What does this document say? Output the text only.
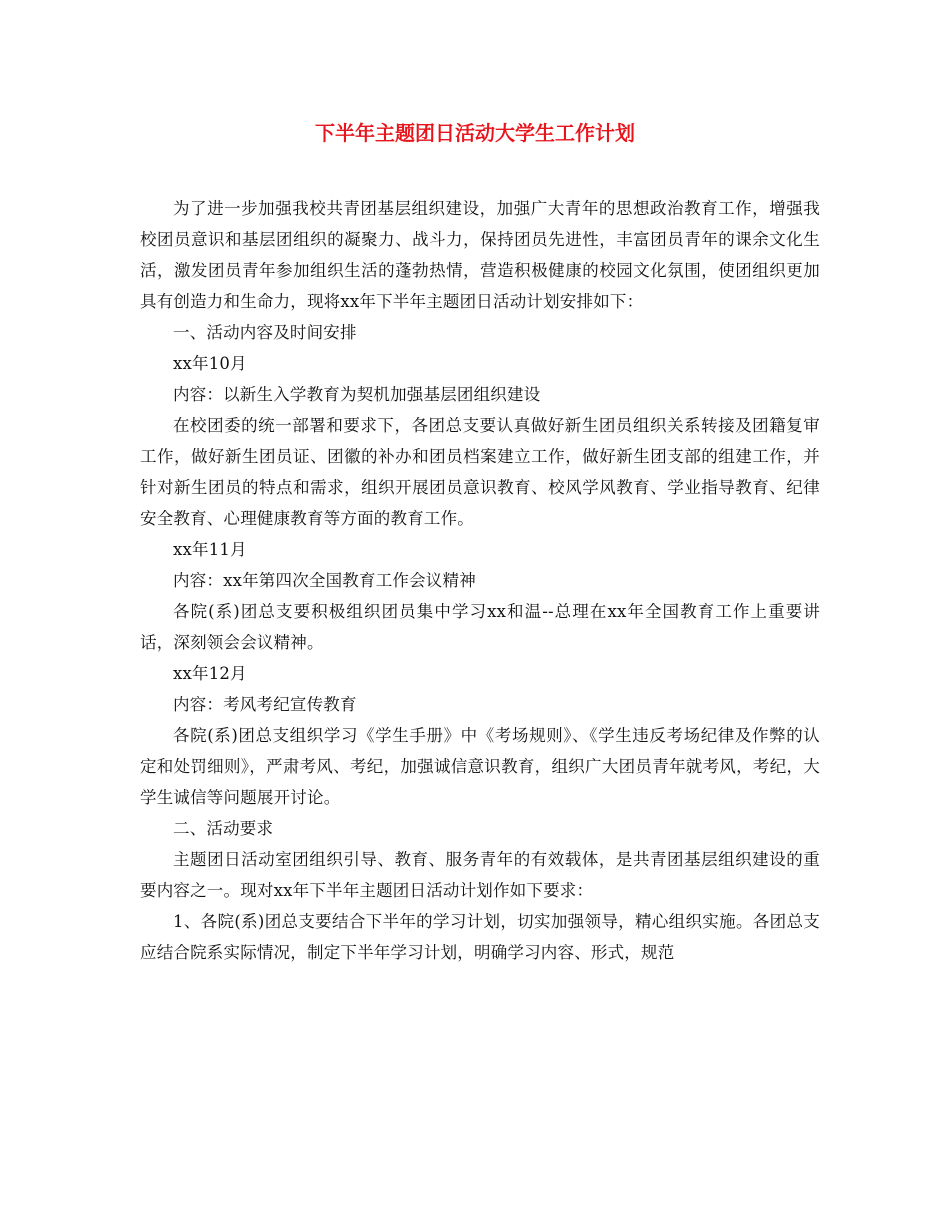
下半年主题团日活动大学生工作计划

为了进一步加强我校共青团基层组织建设，加强广大青年的思想政治教育工作，增强我校团员意识和基层团组织的凝聚力、战斗力，保持团员先进性，丰富团员青年的课余文化生活，激发团员青年参加组织生活的蓬勃热情，营造积极健康的校园文化氛围，使团组织更加具有创造力和生命力，现将xx年下半年主题团日活动计划安排如下：

一、活动内容及时间安排

xx年10月

内容：以新生入学教育为契机加强基层团组织建设

在校团委的统一部署和要求下，各团总支要认真做好新生团员组织关系转接及团籍复审工作，做好新生团员证、团徽的补办和团员档案建立工作，做好新生团支部的组建工作，并针对新生团员的特点和需求，组织开展团员意识教育、校风学风教育、学业指导教育、纪律安全教育、心理健康教育等方面的教育工作。

xx年11月

内容：xx年第四次全国教育工作会议精神

各院(系)团总支要积极组织团员集中学习xx和温--总理在xx年全国教育工作上重要讲话，深刻领会会议精神。

xx年12月

内容：考风考纪宣传教育

各院(系)团总支组织学习《学生手册》中《考场规则》、《学生违反考场纪律及作弊的认定和处罚细则》，严肃考风、考纪，加强诚信意识教育，组织广大团员青年就考风，考纪，大学生诚信等问题展开讨论。

二、活动要求

主题团日活动室团组织引导、教育、服务青年的有效载体，是共青团基层组织建设的重要内容之一。现对xx年下半年主题团日活动计划作如下要求：

1、各院(系)团总支要结合下半年的学习计划，切实加强领导，精心组织实施。各团总支应结合院系实际情况，制定下半年学习计划，明确学习内容、形式，规范
